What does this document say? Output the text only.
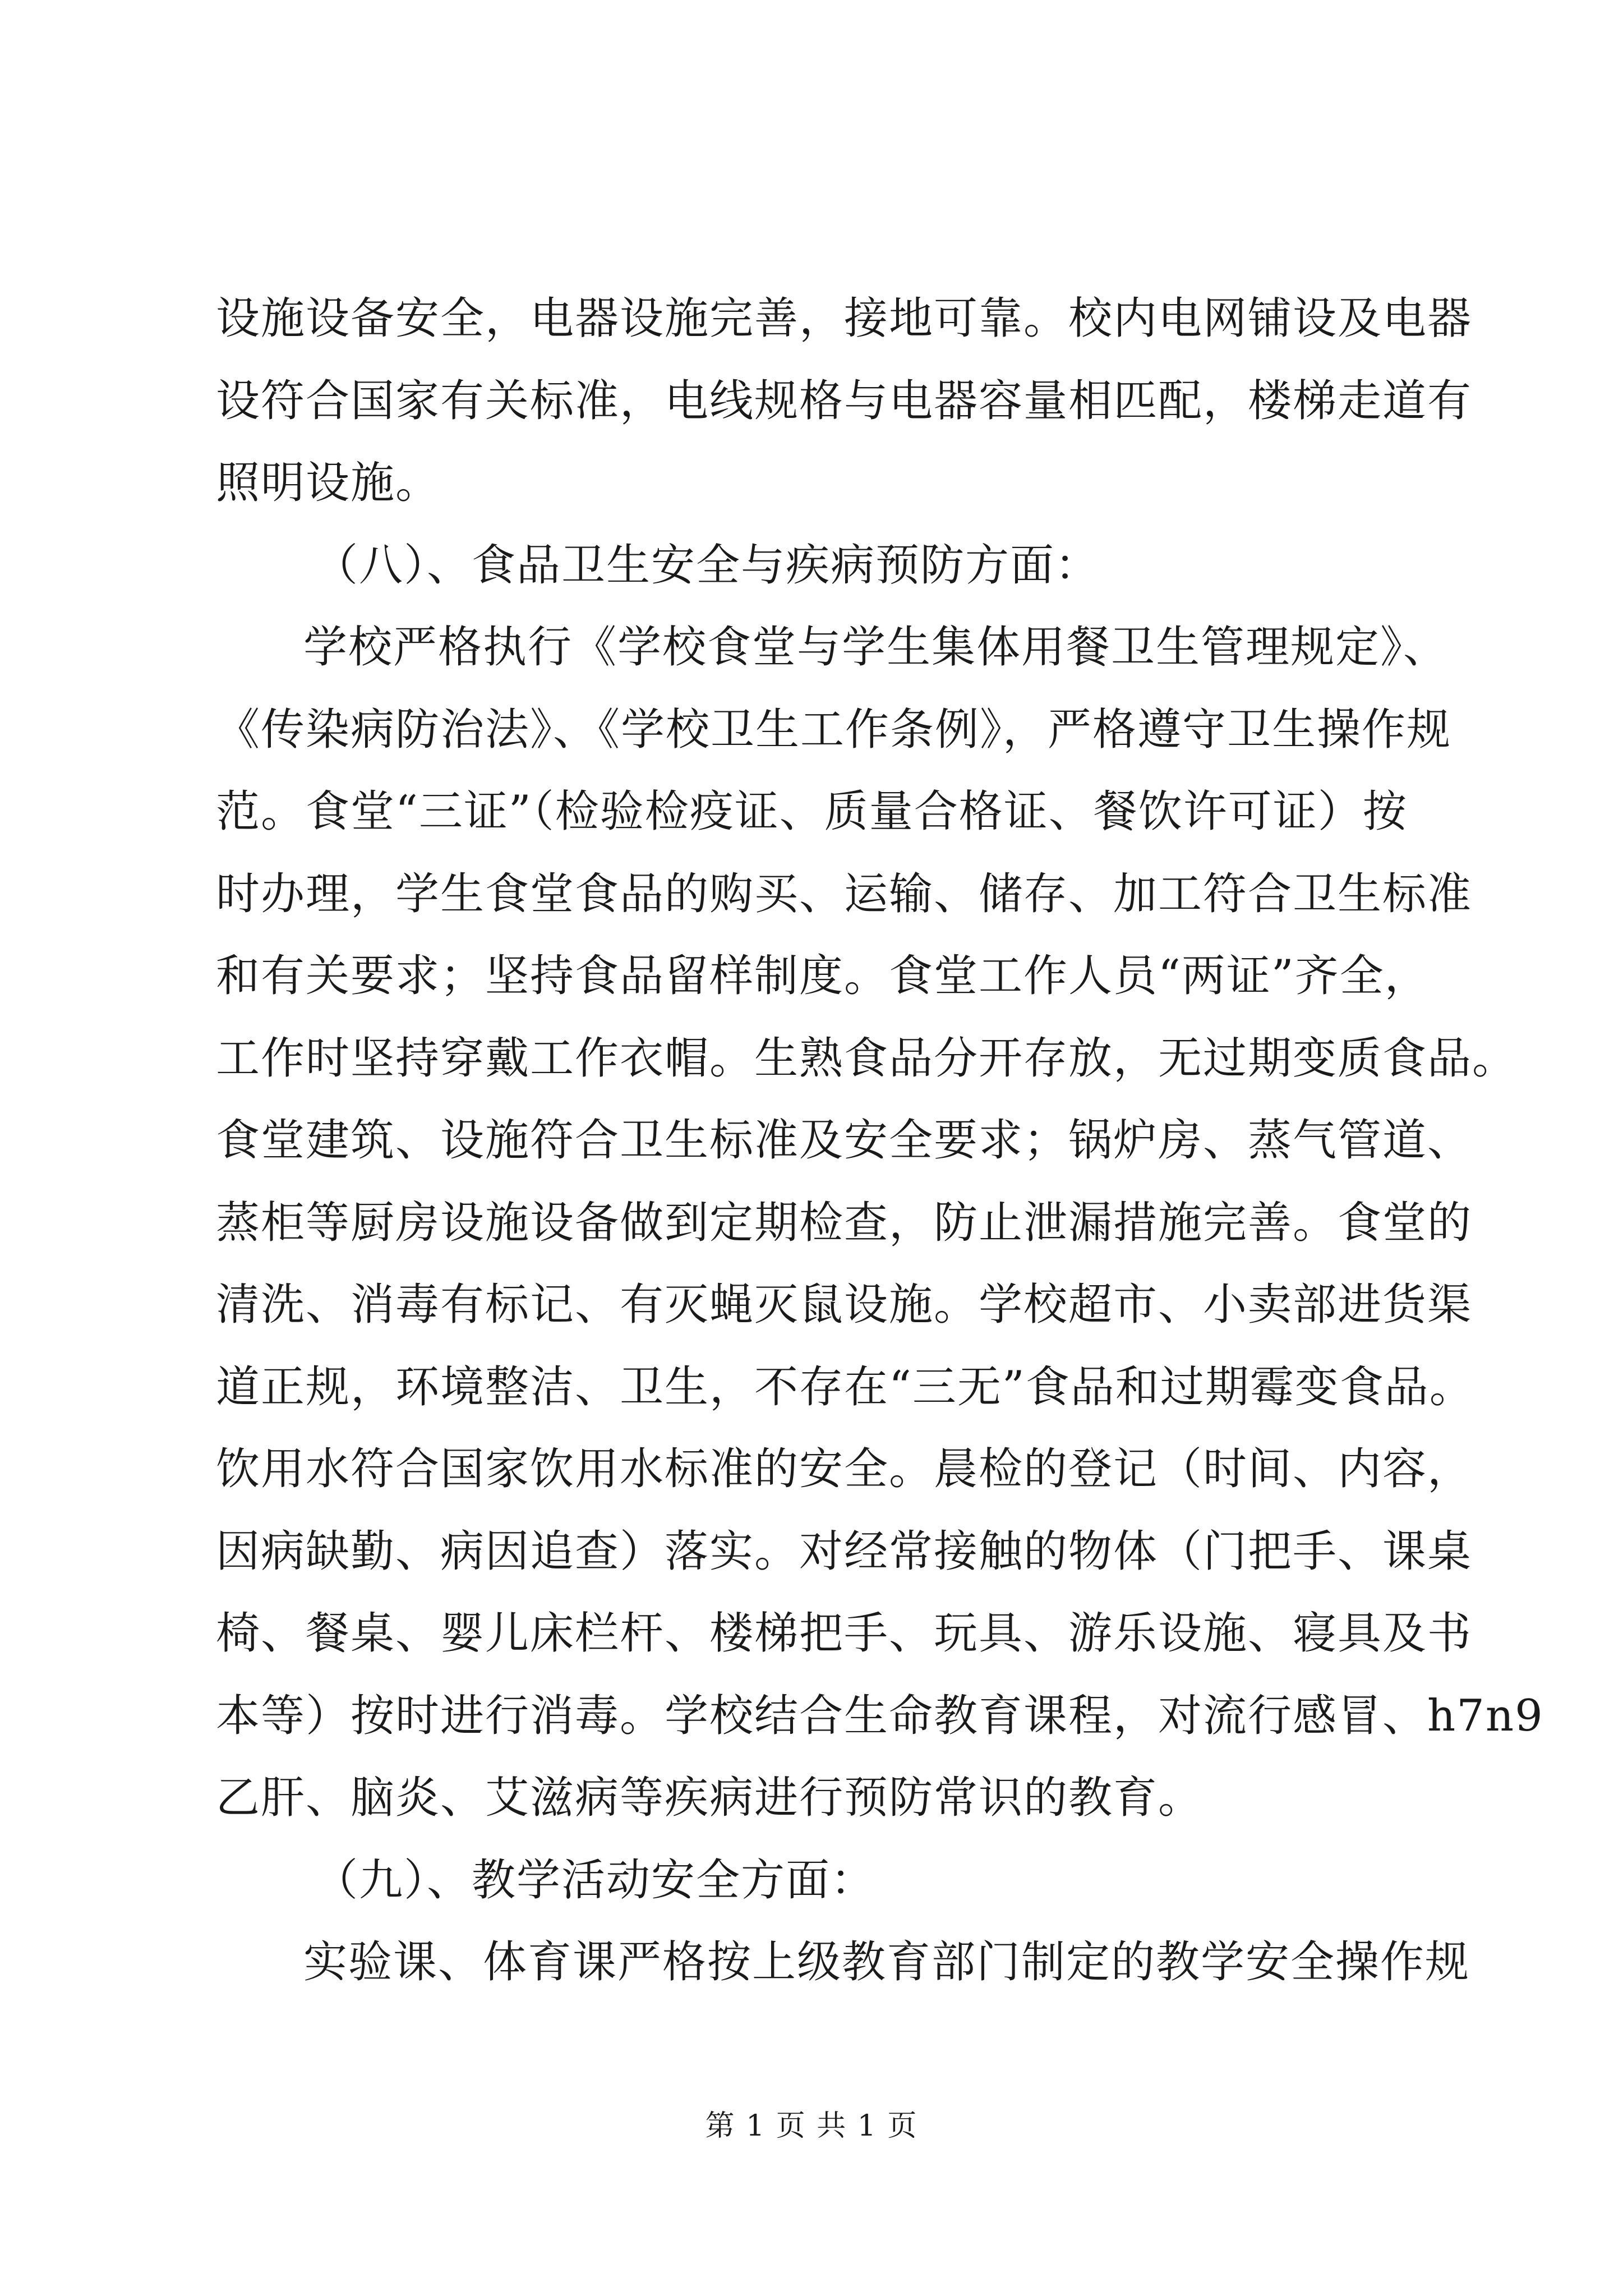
设施设备安全，电器设施完善，接地可靠。校内电网铺设及电器
设符合国家有关标准，电线规格与电器容量相匹配，楼梯走道有
照明设施。
（八）、食品卫生安全与疾病预防方面：
学校严格执行《学校食堂与学生集体用餐卫生管理规定》、
《传染病防治法》、《学校卫生工作条例》，严格遵守卫生操作规
范。食堂“三证”（检验检疫证、质量合格证、餐饮许可证）按
时办理，学生食堂食品的购买、运输、储存、加工符合卫生标准
和有关要求；坚持食品留样制度。食堂工作人员“两证”齐全，
工作时坚持穿戴工作衣帽。生熟食品分开存放，无过期变质食品。
食堂建筑、设施符合卫生标准及安全要求；锅炉房、蒸气管道、
蒸柜等厨房设施设备做到定期检查，防止泄漏措施完善。食堂的
清洗、消毒有标记、有灭蝇灭鼠设施。学校超市、小卖部进货渠
道正规，环境整洁、卫生，不存在“三无”食品和过期霉变食品。
饮用水符合国家饮用水标准的安全。晨检的登记（时间、内容，
因病缺勤、病因追查）落实。对经常接触的物体（门把手、课桌
椅、餐桌、婴儿床栏杆、楼梯把手、玩具、游乐设施、寝具及书
本等）按时进行消毒。学校结合生命教育课程，对流行感冒、h7n9
乙肝、脑炎、艾滋病等疾病进行预防常识的教育。
（九）、教学活动安全方面：
实验课、体育课严格按上级教育部门制定的教学安全操作规
第 1 页 共 1 页
